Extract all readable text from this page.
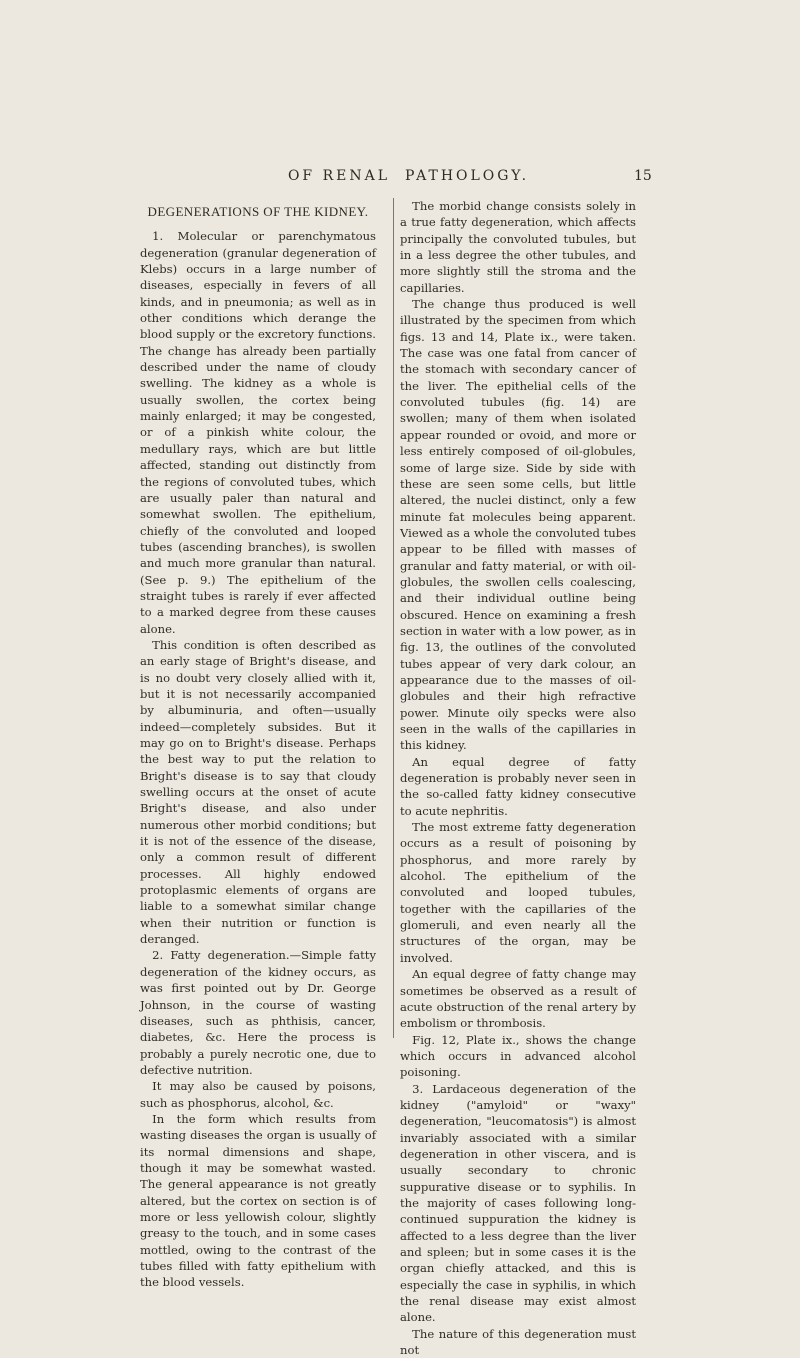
OF RENAL PATHOLOGY.	15
DEGENERATIONS OF THE KIDNEY.

1. Molecular or parenchymatous degeneration (granular degeneration of Klebs) occurs in a large number of diseases, especially in fevers of all kinds, and in pneumonia; as well as in other conditions which derange the blood supply or the excretory functions. The change has already been partially described under the name of cloudy swelling. The kidney as a whole is usually swollen, the cortex being mainly enlarged; it may be congested, or of a pinkish white colour, the medullary rays, which are but little affected, standing out distinctly from the regions of convoluted tubes, which are usually paler than natural and somewhat swollen. The epithelium, chiefly of the convoluted and looped tubes (ascending branches), is swollen and much more granular than natural. (See p. 9.) The epithelium of the straight tubes is rarely if ever affected to a marked degree from these causes alone.

This condition is often described as an early stage of Bright's disease, and is no doubt very closely allied with it, but it is not necessarily accompanied by albuminuria, and often—usually indeed—completely subsides. But it may go on to Bright's disease. Perhaps the best way to put the relation to Bright's disease is to say that cloudy swelling occurs at the onset of acute Bright's disease, and also under numerous other morbid conditions; but it is not of the essence of the disease, only a common result of different processes. All highly endowed protoplasmic elements of organs are liable to a somewhat similar change when their nutrition or function is deranged.

2. Fatty degeneration.—Simple fatty degeneration of the kidney occurs, as was first pointed out by Dr. George Johnson, in the course of wasting diseases, such as phthisis, cancer, diabetes, &c. Here the process is probably a purely necrotic one, due to defective nutrition.

It may also be caused by poisons, such as phosphorus, alcohol, &c.

In the form which results from wasting diseases the organ is usually of its normal dimensions and shape, though it may be somewhat wasted. The general appearance is not greatly altered, but the cortex on section is of more or less yellowish colour, slightly greasy to the touch, and in some cases mottled, owing to the contrast of the tubes filled with fatty epithelium with the blood vessels.

The morbid change consists solely in a true fatty degeneration, which affects principally the convoluted tubules, but in a less degree the other tubules, and more slightly still the stroma and the capillaries.

The change thus produced is well illustrated by the specimen from which figs. 13 and 14, Plate ix., were taken. The case was one fatal from cancer of the stomach with secondary cancer of the liver. The epithelial cells of the convoluted tubules (fig. 14) are swollen; many of them when isolated appear rounded or ovoid, and more or less entirely composed of oil-globules, some of large size. Side by side with these are seen some cells, but little altered, the nuclei distinct, only a few minute fat molecules being apparent. Viewed as a whole the convoluted tubes appear to be filled with masses of granular and fatty material, or with oil-globules, the swollen cells coalescing, and their individual outline being obscured. Hence on examining a fresh section in water with a low power, as in fig. 13, the outlines of the convoluted tubes appear of very dark colour, an appearance due to the masses of oil-globules and their high refractive power. Minute oily specks were also seen in the walls of the capillaries in this kidney.

An equal degree of fatty degeneration is probably never seen in the so-called fatty kidney consecutive to acute nephritis.

The most extreme fatty degeneration occurs as a result of poisoning by phosphorus, and more rarely by alcohol. The epithelium of the convoluted and looped tubules, together with the capillaries of the glomeruli, and even nearly all the structures of the organ, may be involved.

An equal degree of fatty change may sometimes be observed as a result of acute obstruction of the renal artery by embolism or thrombosis.

Fig. 12, Plate ix., shows the change which occurs in advanced alcohol poisoning.

3. Lardaceous degeneration of the kidney ("amyloid" or "waxy" degeneration, "leucomatosis") is almost invariably associated with a similar degeneration in other viscera, and is usually secondary to chronic suppurative disease or to syphilis. In the majority of cases following long-continued suppuration the kidney is affected to a less degree than the liver and spleen; but in some cases it is the organ chiefly attacked, and this is especially the case in syphilis, in which the renal disease may exist almost alone.

The nature of this degeneration must not
